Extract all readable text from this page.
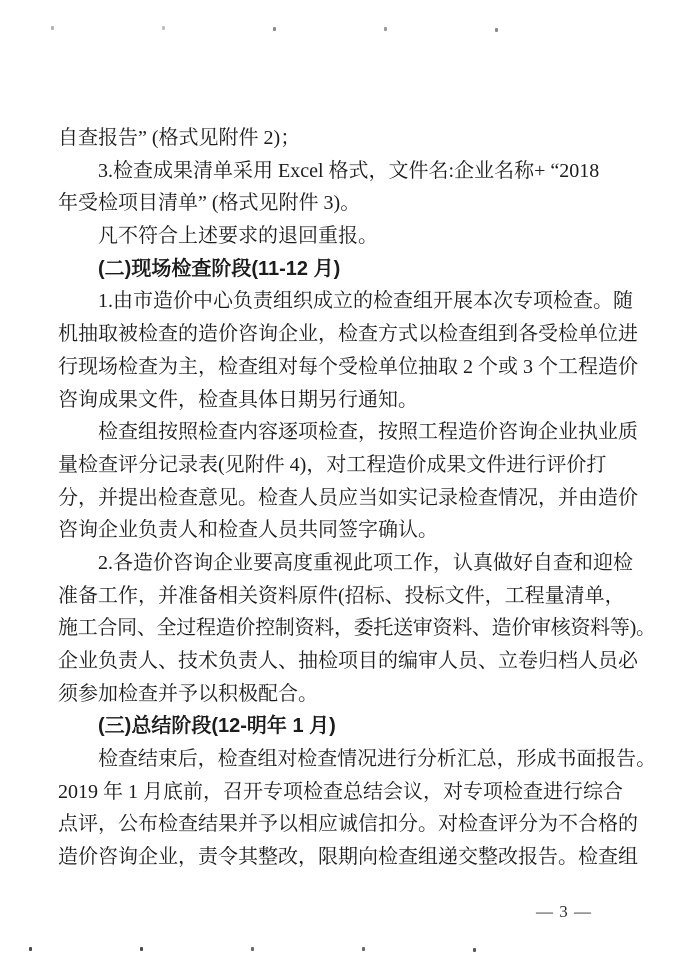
自查报告” (格式见附件 2)；
3.检查成果清单采用 Excel 格式，文件名:企业名称+ “2018
年受检项目清单” (格式见附件 3)。
凡不符合上述要求的退回重报。
(二)现场检查阶段(11-12 月)
1.由市造价中心负责组织成立的检查组开展本次专项检查。随
机抽取被检查的造价咨询企业，检查方式以检查组到各受检单位进
行现场检查为主，检查组对每个受检单位抽取 2 个或 3 个工程造价
咨询成果文件，检查具体日期另行通知。
检查组按照检查内容逐项检查，按照工程造价咨询企业执业质
量检查评分记录表(见附件 4)，对工程造价成果文件进行评价打
分，并提出检查意见。检查人员应当如实记录检查情况，并由造价
咨询企业负责人和检查人员共同签字确认。
2.各造价咨询企业要高度重视此项工作，认真做好自查和迎检
准备工作，并准备相关资料原件(招标、投标文件，工程量清单，
施工合同、全过程造价控制资料，委托送审资料、造价审核资料等)。
企业负责人、技术负责人、抽检项目的编审人员、立卷归档人员必
须参加检查并予以积极配合。
(三)总结阶段(12-明年 1 月)
检查结束后，检查组对检查情况进行分析汇总，形成书面报告。
2019 年 1 月底前，召开专项检查总结会议，对专项检查进行综合
点评，公布检查结果并予以相应诚信扣分。对检查评分为不合格的
造价咨询企业，责令其整改，限期向检查组递交整改报告。检查组
— 3 —
